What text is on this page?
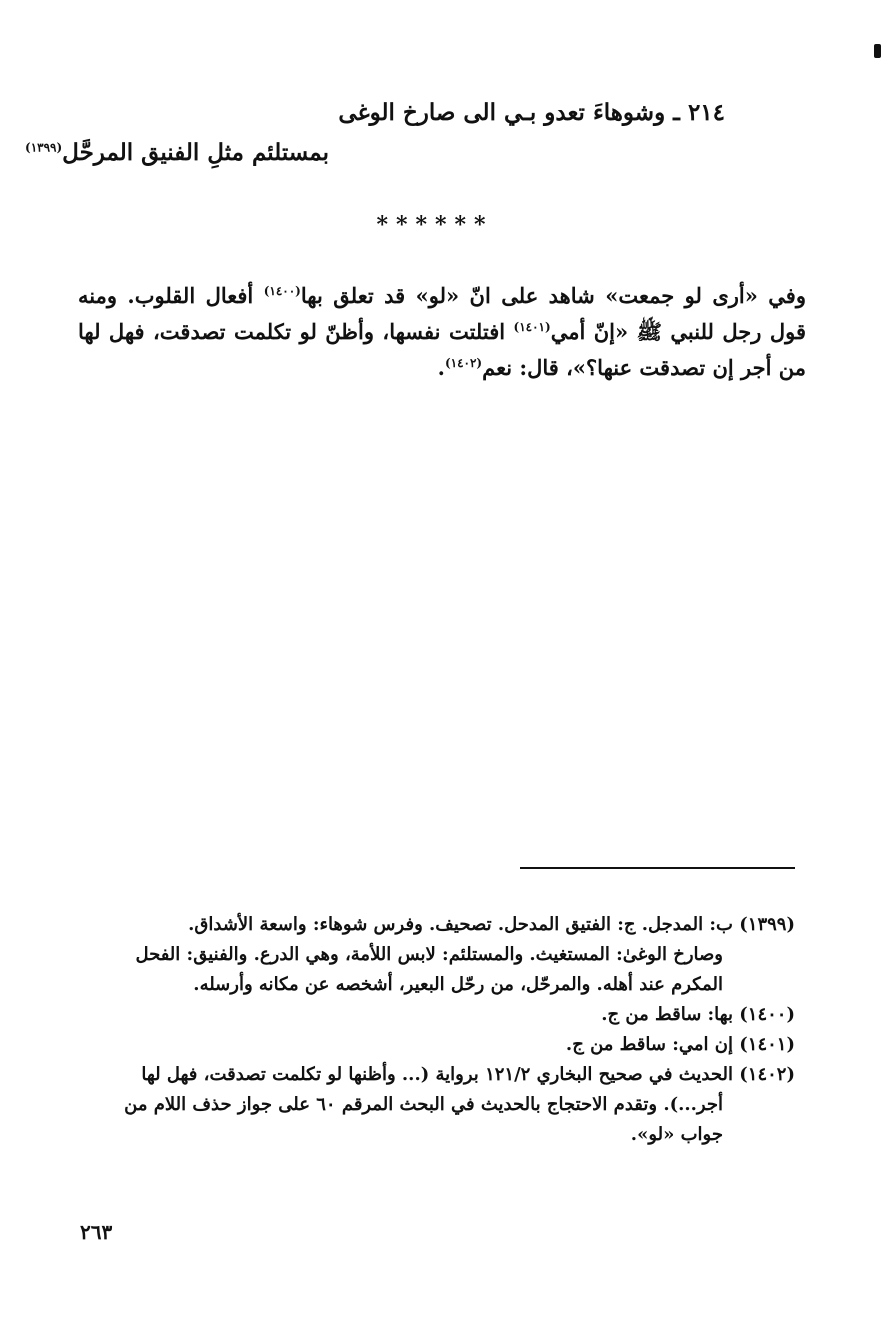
٢١٤ ـ وشوهاءَ تعدو بـي الى صارخ الوغى
بمستلئم مثلِ الفنيق المرحَّل$^{(١٣٩٩)}$
******
وفي «أرى لو جمعت» شاهد على انّ «لو» قد تعلق بها$^{(١٤٠٠)}$ أفعال القلوب. ومنه قول رجل للنبي ﷺ «إنّ أمي$^{(١٤٠١)}$ افتلتت نفسها، وأظنّ لو تكلمت تصدقت، فهل لها من أجر إن تصدقت عنها؟»، قال: نعم$^{(١٤٠٢)}$.
(١٣٩٩) ب: المدجل. ج: الفتيق المدحل. تصحيف. وفرس شوهاء: واسعة الأشداق.
وصارخ الوغىٰ: المستغيث. والمستلئم: لابس اللأمة، وهي الدرع. والفنيق: الفحل
المكرم عند أهله. والمرحّل، من رحّل البعير، أشخصه عن مكانه وأرسله.
(١٤٠٠) بها: ساقط من ج.
(١٤٠١) إن امي: ساقط من ج.
(١٤٠٢) الحديث في صحيح البخاري ١٢١/٢ برواية (... وأظنها لو تكلمت تصدقت، فهل لها
أجر...). وتقدم الاحتجاج بالحديث في البحث المرقم ٦٠ على جواز حذف اللام من
جواب «لو».
٢٦٣
